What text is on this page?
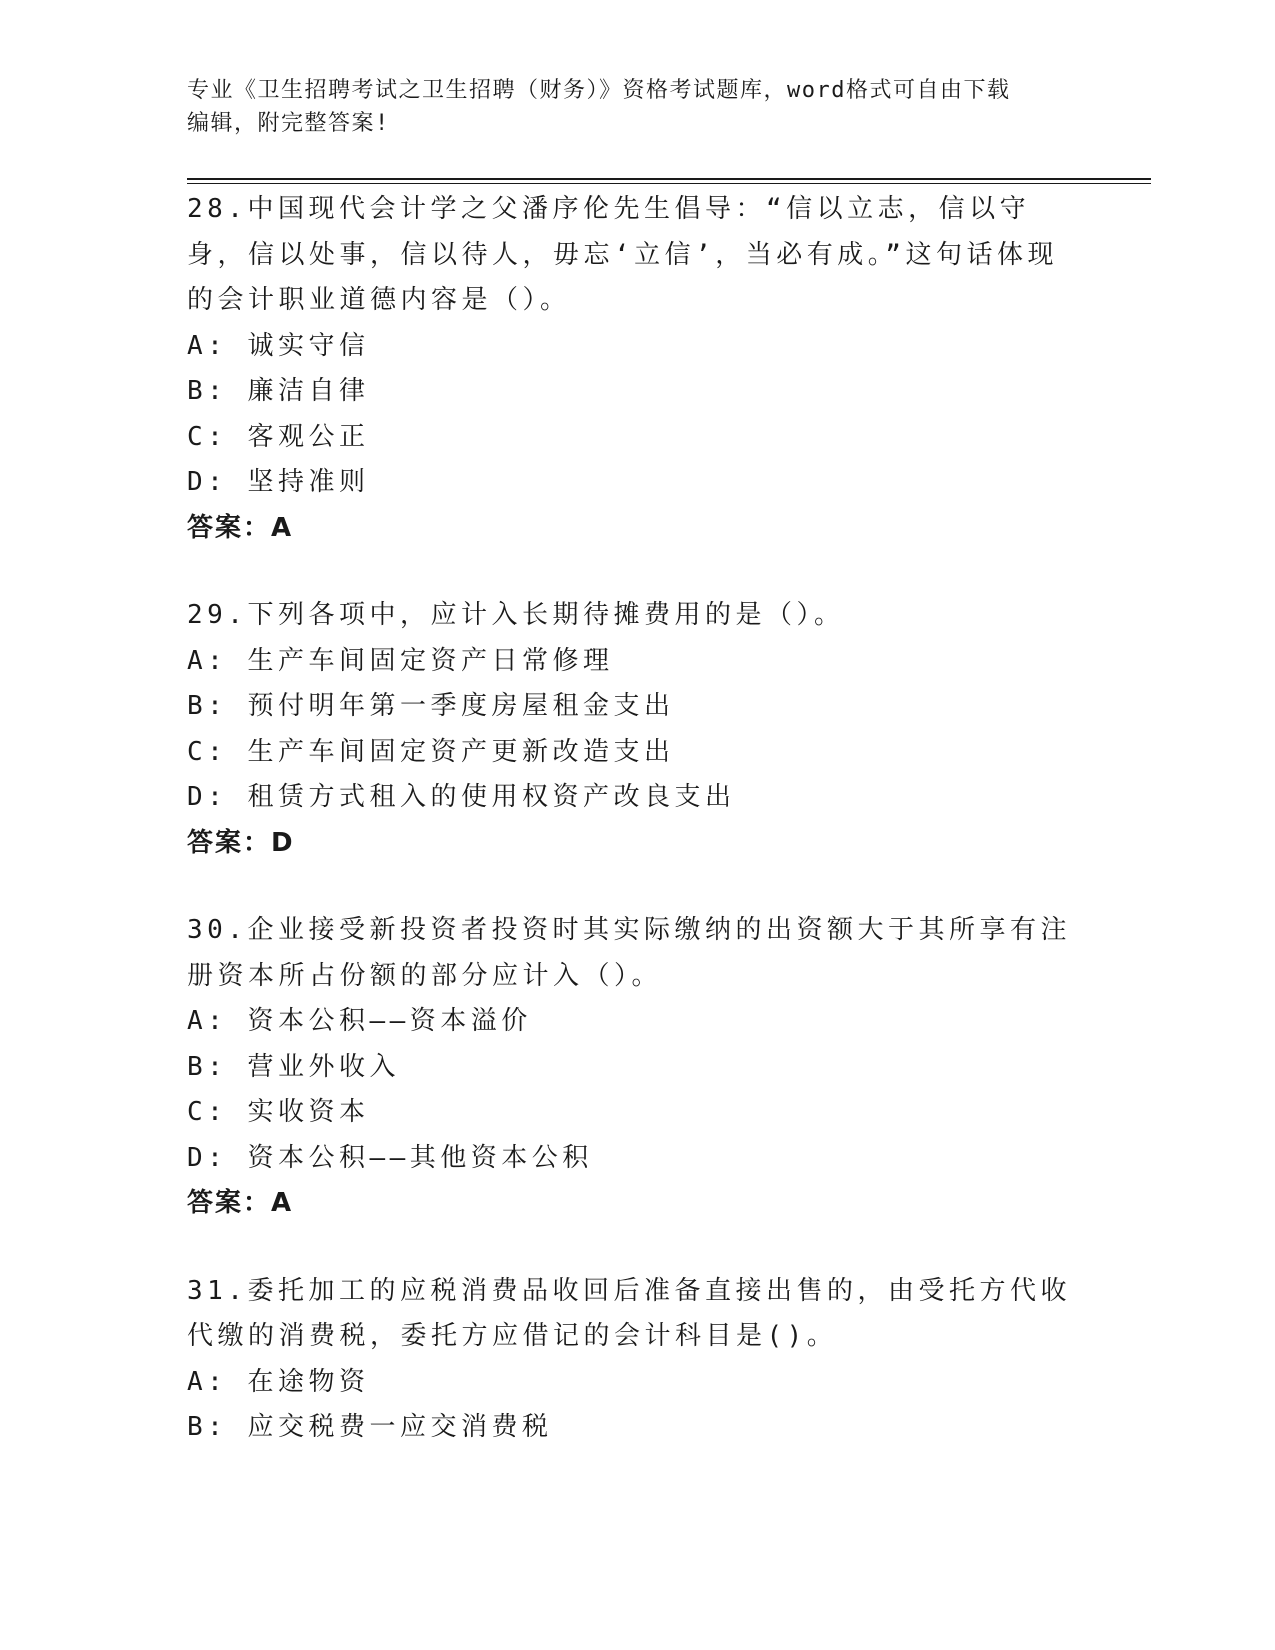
专业《卫生招聘考试之卫生招聘（财务）》资格考试题库，word格式可自由下载
编辑，附完整答案!
28.中国现代会计学之父潘序伦先生倡导：“信以立志，信以守身，信以处事，信以待人，毋忘‘立信’，当必有成。”这句话体现的会计职业道德内容是（）。
A: 诚实守信
B: 廉洁自律
C: 客观公正
D: 坚持准则
答案：A
29.下列各项中，应计入长期待摊费用的是（）。
A: 生产车间固定资产日常修理
B: 预付明年第一季度房屋租金支出
C: 生产车间固定资产更新改造支出
D: 租赁方式租入的使用权资产改良支出
答案：D
30.企业接受新投资者投资时其实际缴纳的出资额大于其所享有注册资本所占份额的部分应计入（）。
A: 资本公积——资本溢价
B: 营业外收入
C: 实收资本
D: 资本公积——其他资本公积
答案：A
31.委托加工的应税消费品收回后准备直接出售的，由受托方代收代缴的消费税，委托方应借记的会计科目是()。
A: 在途物资
B: 应交税费一应交消费税
